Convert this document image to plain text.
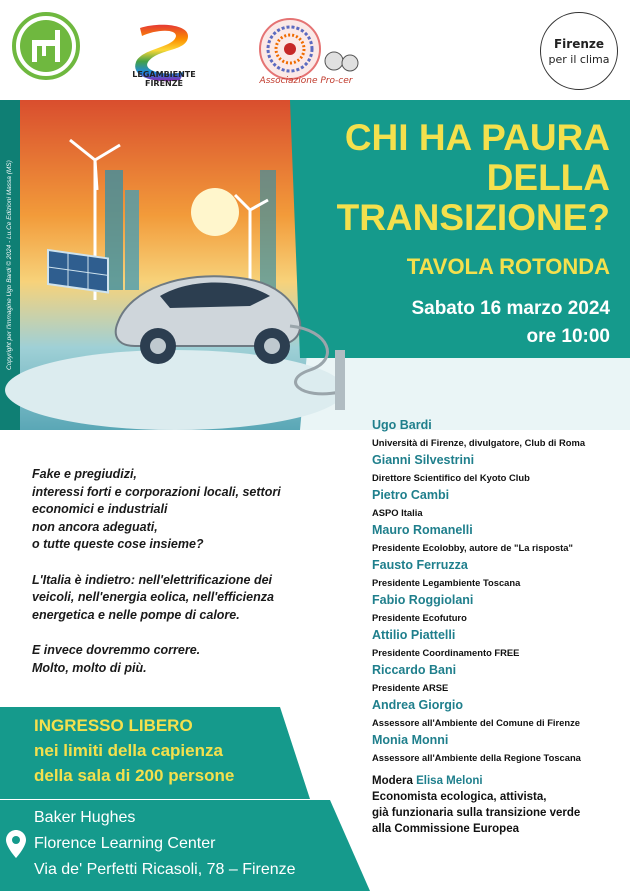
LEGAMBIENTE
FIRENZE	Associazione Pro-cer
Firenze
per il clima
Copyright per l'immagine Ugo Bardi © 2024 - Lu.Ce Edizioni Massa (MS)
CHI HA PAURA
DELLA
TRANSIZIONE?
TAVOLA ROTONDA
Sabato 16 marzo 2024
ore 10:00

Fake e pregiudizi,
interessi forti e corporazioni locali, settori
economici e industriali
non ancora adeguati,
o tutte queste cose insieme?

L'Italia è indietro: nell'elettrificazione dei
veicoli, nell'energia eolica, nell'efficienza
energetica e nelle pompe di calore.

E invece dovremmo correre.
Molto, molto di più.

Ugo Bardi
Università di Firenze, divulgatore, Club di Roma
Gianni Silvestrini
Direttore Scientifico del Kyoto Club
Pietro Cambi
ASPO Italia
Mauro Romanelli
Presidente Ecolobby, autore de "La risposta"
Fausto Ferruzza
Presidente Legambiente Toscana
Fabio Roggiolani
Presidente Ecofuturo
Attilio Piattelli
Presidente Coordinamento FREE
Riccardo Bani
Presidente ARSE
Andrea Giorgio
Assessore all'Ambiente del Comune di Firenze
Monia Monni
Assessore all'Ambiente della Regione Toscana
Modera Elisa Meloni
Economista ecologica, attivista,
già funzionaria sulla transizione verde
alla Commissione Europea
INGRESSO LIBERO
nei limiti della capienza
della sala di 200 persone
Baker Hughes
Florence Learning Center
Via de' Perfetti Ricasoli, 78 – Firenze
